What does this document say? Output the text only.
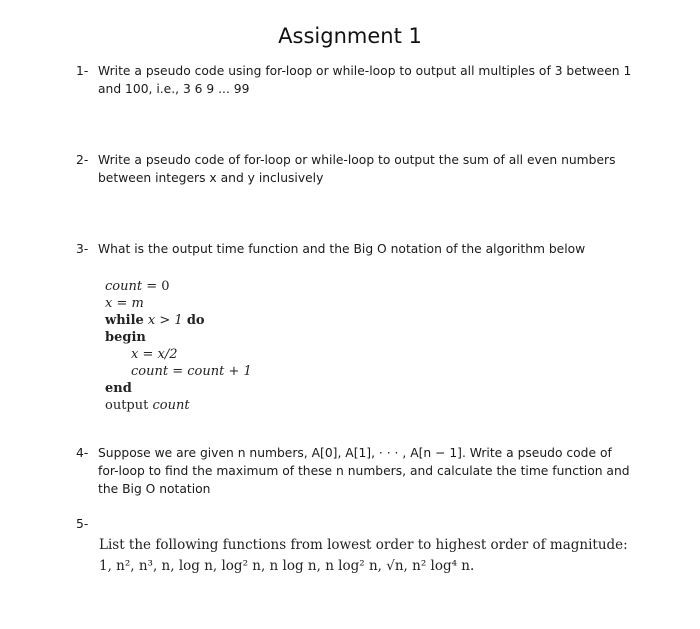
Assignment 1
1- Write a pseudo code using for-loop or while-loop to output all multiples of 3 between 1 and 100, i.e., 3 6 9 ... 99
2- Write a pseudo code of for-loop or while-loop to output the sum of all even numbers between integers x and y inclusively
3- What is the output time function and the Big O notation of the algorithm below
count = 0
x = m
while x > 1 do
begin
x = x/2
count = count + 1
end
output count
4- Suppose we are given n numbers, A[0], A[1], · · · , A[n − 1]. Write a pseudo code of for-loop to find the maximum of these n numbers, and calculate the time function and the Big O notation
5-
List the following functions from lowest order to highest order of magnitude:
1, n², n³, n, log n, log² n, n log n, n log² n, √n, n² log⁴ n.
